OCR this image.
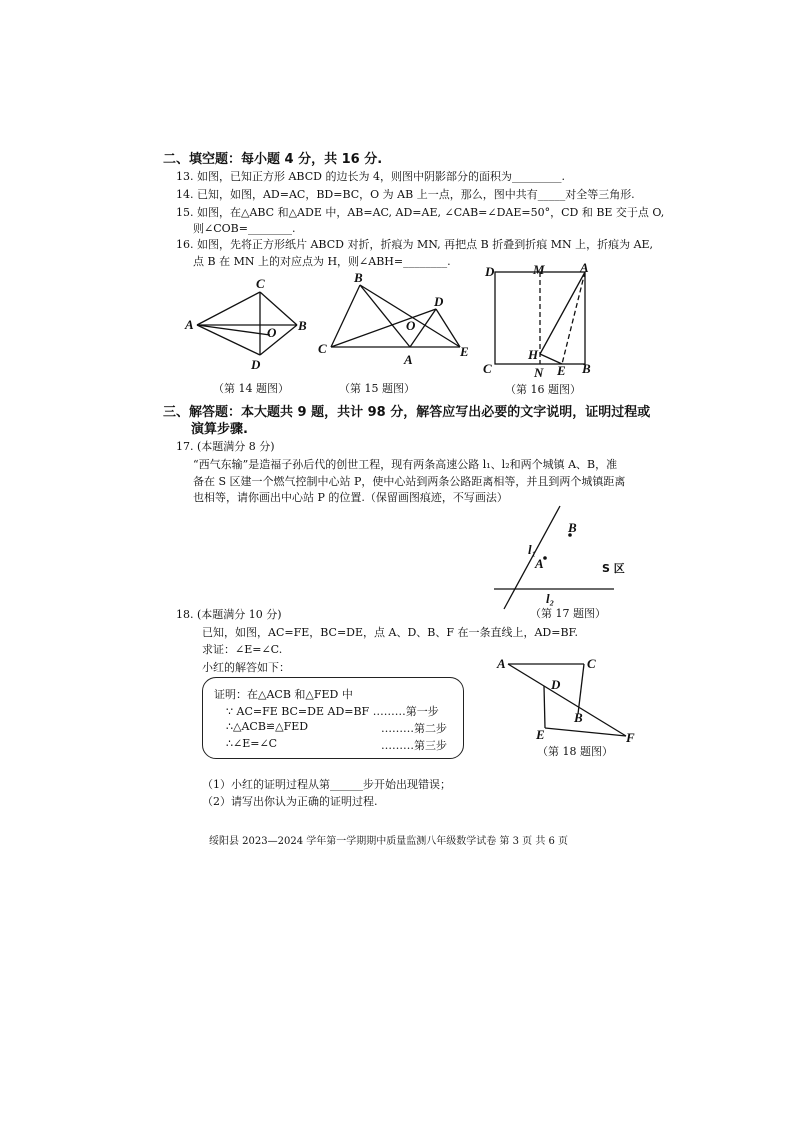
二、填空题：每小题 4 分，共 16 分.
13. 如图，已知正方形 ABCD 的边长为 4，则图中阴影部分的面积为_________.
14. 已知，如图，AD=AC，BD=BC，O 为 AB 上一点，那么，图中共有_____对全等三角形.
15. 如图，在△ABC 和△ADE 中，AB=AC, AD=AE, ∠CAB=∠DAE=50°，CD 和 BE 交于点 O,
则∠COB=________.
16. 如图，先将正方形纸片 ABCD 对折，折痕为 MN, 再把点 B 折叠到折痕 MN 上，折痕为 AE,
点 B 在 MN 上的对应点为 H，则∠ABH=________.
A
C
O B
D
（第 14 题图）
B
C
D
O
A
E
（第 15 题图）
D	M	A
H
C	N E B
（第 16 题图）
三、解答题：本大题共 9 题，共计 98 分，解答应写出必要的文字说明，证明过程或
演算步骤.
17. (本题满分 8 分)
“西气东输”是造福子孙后代的创世工程，现有两条高速公路 l₁、l₂和两个城镇 A、B，准
备在 S 区建一个燃气控制中心站 P，使中心站到两条公路距离相等，并且到两个城镇距离
也相等，请你画出中心站 P 的位置.（保留画图痕迹，不写画法）
B
l₁
A	S 区
l₂
（第 17 题图）
18. (本题满分 10 分)
已知，如图，AC=FE，BC=DE，点 A、D、B、F 在一条直线上，AD=BF.
求证：∠E=∠C.
小红的解答如下：
证明：在△ACB 和△FED 中
∵ AC=FE BC=DE AD=BF ………第一步
∴△ACB≌△FED	………第二步
∴∠E=∠C	………第三步
（1）小红的证明过程从第______步开始出现错误；
（2）请写出你认为正确的证明过程.
A	C
D
B
E	F
（第 18 题图）
绥阳县 2023—2024 学年第一学期期中质量监测八年级数学试卷 第 3 页 共 6 页
